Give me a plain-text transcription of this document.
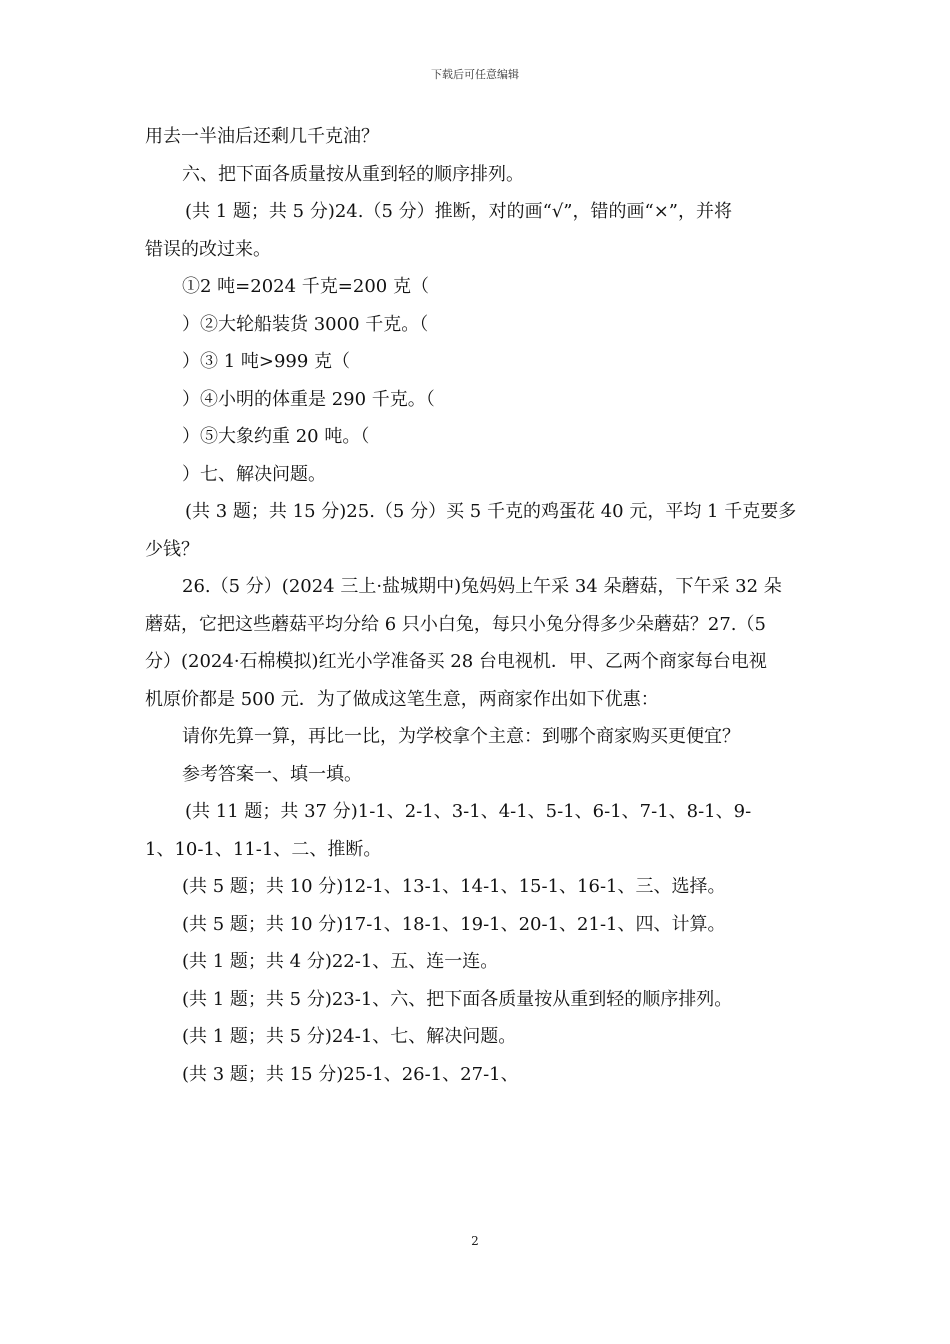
下载后可任意编辑
用去一半油后还剩几千克油？
六、把下面各质量按从重到轻的顺序排列。
(共 1 题；共 5 分)24.（5 分）推断，对的画“√”，错的画“×”，并将
错误的改过来。
①2 吨=2024 千克=200 克（
）②大轮船装货 3000 千克。（
）③ 1 吨>999 克（
）④小明的体重是 290 千克。（
）⑤大象约重 20 吨。（
）七、解决问题。
(共 3 题；共 15 分)25.（5 分）买 5 千克的鸡蛋花 40 元，平均 1 千克要多
少钱？
26.（5 分）(2024 三上·盐城期中)兔妈妈上午采 34 朵蘑菇，下午采 32 朵
蘑菇，它把这些蘑菇平均分给 6 只小白兔，每只小兔分得多少朵蘑菇？27.（5
分）(2024·石棉模拟)红光小学准备买 28 台电视机．甲、乙两个商家每台电视
机原价都是 500 元．为了做成这笔生意，两商家作出如下优惠：
请你先算一算，再比一比，为学校拿个主意：到哪个商家购买更便宜？
参考答案一、填一填。
(共 11 题；共 37 分)1-1、2-1、3-1、4-1、5-1、6-1、7-1、8-1、9-
1、10-1、11-1、二、推断。
(共 5 题；共 10 分)12-1、13-1、14-1、15-1、16-1、三、选择。
(共 5 题；共 10 分)17-1、18-1、19-1、20-1、21-1、四、计算。
(共 1 题；共 4 分)22-1、五、连一连。
(共 1 题；共 5 分)23-1、六、把下面各质量按从重到轻的顺序排列。
(共 1 题；共 5 分)24-1、七、解决问题。
(共 3 题；共 15 分)25-1、26-1、27-1、
2
